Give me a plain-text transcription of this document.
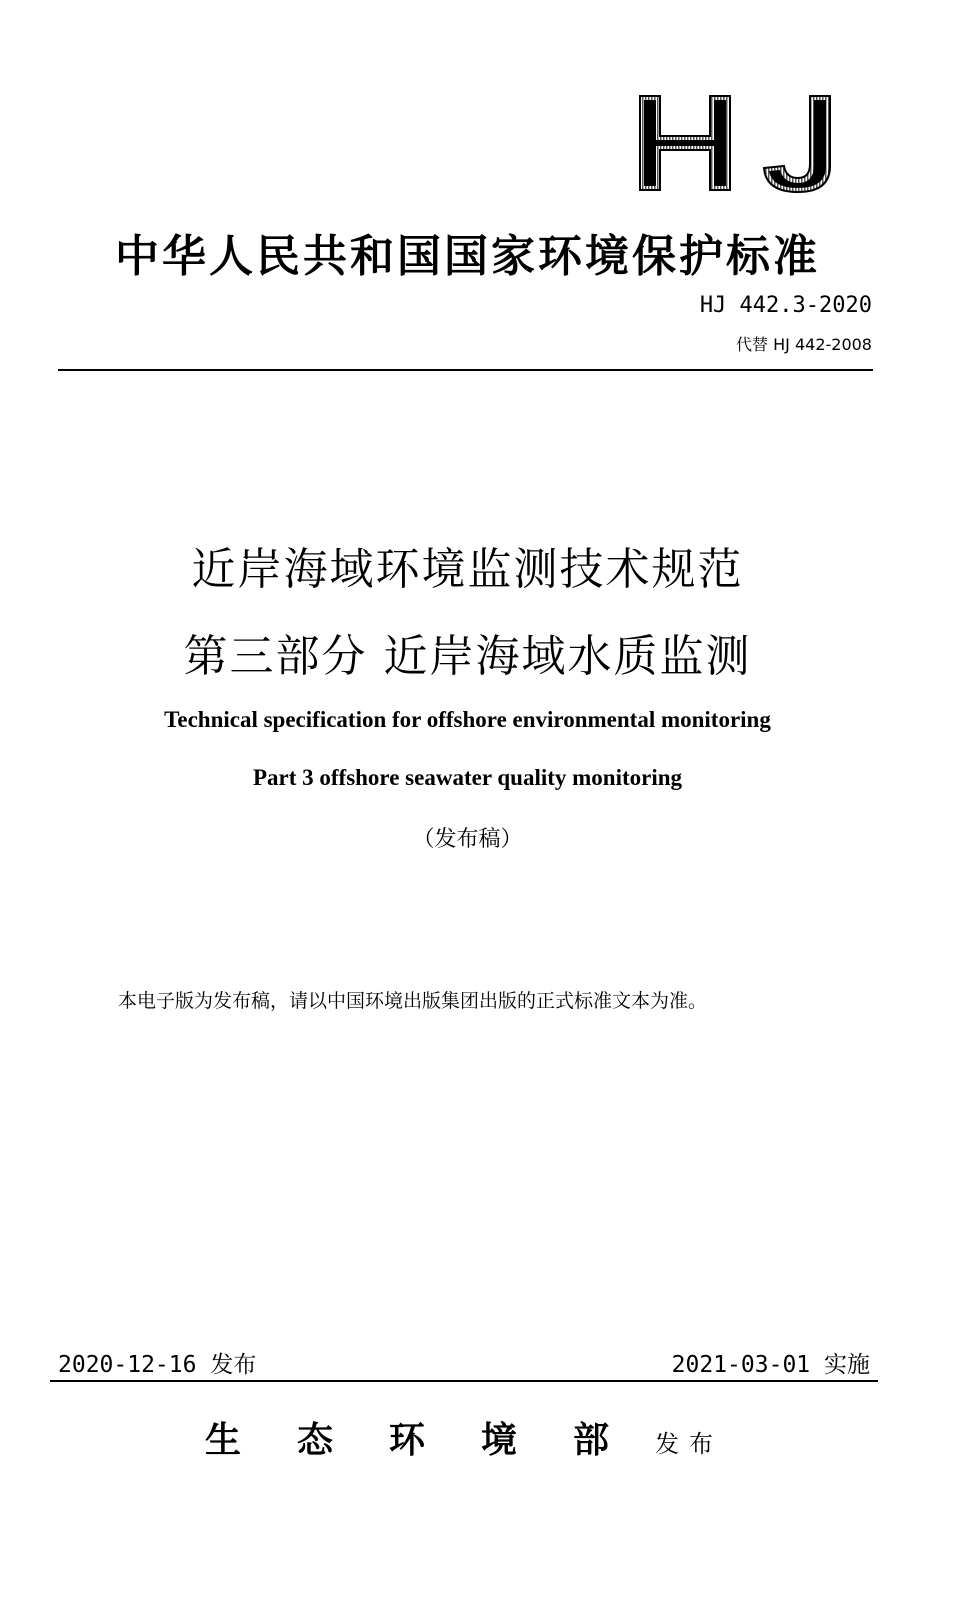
中华人民共和国国家环境保护标准
HJ 442.3-2020
代替 HJ 442-2008
近岸海域环境监测技术规范
第三部分 近岸海域水质监测
Technical specification for offshore environmental monitoring
Part 3 offshore seawater quality monitoring
（发布稿）
本电子版为发布稿，请以中国环境出版集团出版的正式标准文本为准。
2020-12-16 发布	2021-03-01 实施
生态环境部
发布
